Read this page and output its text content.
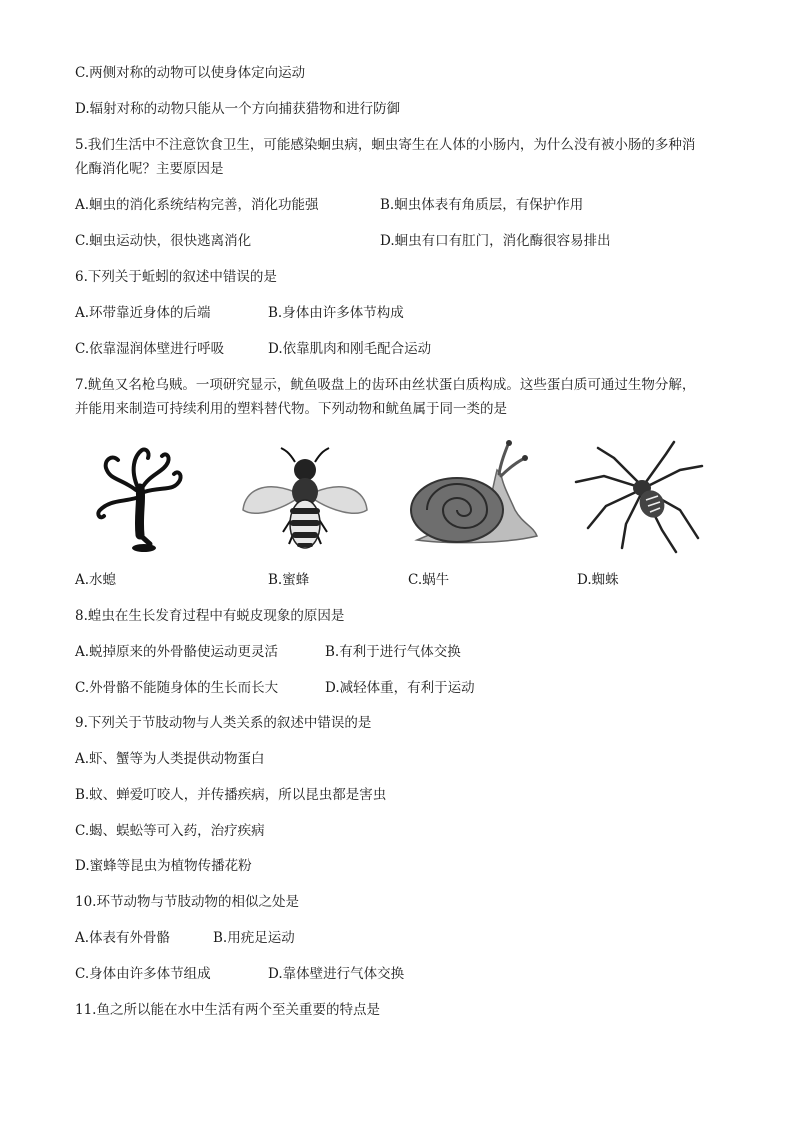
C.两侧对称的动物可以使身体定向运动
D.辐射对称的动物只能从一个方向捕获猎物和进行防御
5.我们生活中不注意饮食卫生，可能感染蛔虫病，蛔虫寄生在人体的小肠内，为什么没有被小肠的多种消
化酶消化呢？主要原因是
A.蛔虫的消化系统结构完善，消化功能强	B.蛔虫体表有角质层，有保护作用
C.蛔虫运动快，很快逃离消化	D.蛔虫有口有肛门，消化酶很容易排出
6.下列关于蚯蚓的叙述中错误的是
A.环带靠近身体的后端	B.身体由许多体节构成
C.依靠湿润体壁进行呼吸	D.依靠肌肉和刚毛配合运动
7.鱿鱼又名枪乌贼。一项研究显示，鱿鱼吸盘上的齿环由丝状蛋白质构成。这些蛋白质可通过生物分解，
并能用来制造可持续利用的塑料替代物。下列动物和鱿鱼属于同一类的是
A.水螅	B.蜜蜂	C.蜗牛	D.蜘蛛
8.蝗虫在生长发育过程中有蜕皮现象的原因是
A.蜕掉原来的外骨骼使运动更灵活	B.有利于进行气体交换
C.外骨骼不能随身体的生长而长大	D.减轻体重，有利于运动
9.下列关于节肢动物与人类关系的叙述中错误的是
A.虾、蟹等为人类提供动物蛋白
B.蚊、蝉爱叮咬人，并传播疾病，所以昆虫都是害虫
C.蝎、蜈蚣等可入药，治疗疾病
D.蜜蜂等昆虫为植物传播花粉
10.环节动物与节肢动物的相似之处是
A.体表有外骨骼	B.用疣足运动
C.身体由许多体节组成	D.靠体壁进行气体交换
11.鱼之所以能在水中生活有两个至关重要的特点是
